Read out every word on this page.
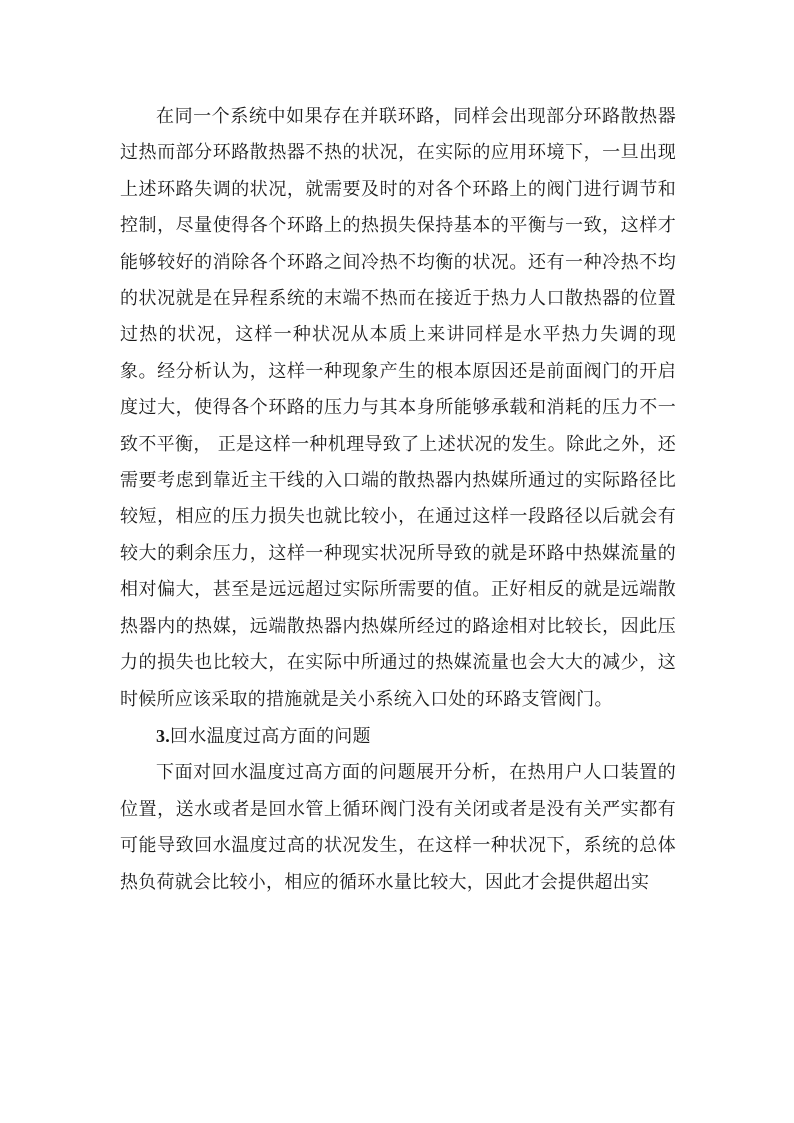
在同一个系统中如果存在并联环路，同样会出现部分环路散热器过热而部分环路散热器不热的状况，在实际的应用环境下，一旦出现上述环路失调的状况，就需要及时的对各个环路上的阀门进行调节和控制，尽量使得各个环路上的热损失保持基本的平衡与一致，这样才能够较好的消除各个环路之间冷热不均衡的状况。还有一种冷热不均的状况就是在异程系统的末端不热而在接近于热力人口散热器的位置过热的状况，这样一种状况从本质上来讲同样是水平热力失调的现象。经分析认为，这样一种现象产生的根本原因还是前面阀门的开启度过大，使得各个环路的压力与其本身所能够承载和消耗的压力不一致不平衡， 正是这样一种机理导致了上述状况的发生。除此之外，还需要考虑到靠近主干线的入口端的散热器内热媒所通过的实际路径比较短，相应的压力损失也就比较小，在通过这样一段路径以后就会有较大的剩余压力，这样一种现实状况所导致的就是环路中热媒流量的相对偏大，甚至是远远超过实际所需要的值。正好相反的就是远端散热器内的热媒，远端散热器内热媒所经过的路途相对比较长，因此压力的损失也比较大，在实际中所通过的热媒流量也会大大的减少，这时候所应该采取的措施就是关小系统入口处的环路支管阀门。

3.回水温度过高方面的问题

下面对回水温度过高方面的问题展开分析，在热用户人口装置的位置，送水或者是回水管上循环阀门没有关闭或者是没有关严实都有可能导致回水温度过高的状况发生，在这样一种状况下，系统的总体热负荷就会比较小，相应的循环水量比较大，因此才会提供超出实
